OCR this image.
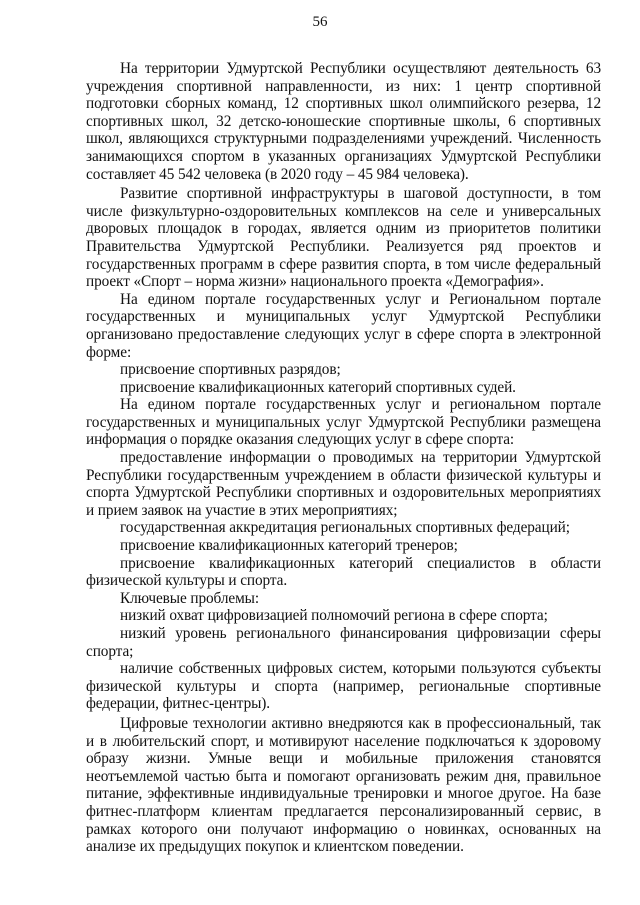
56

На территории Удмуртской Республики осуществляют деятельность 63 учреждения спортивной направленности, из них: 1 центр спортивной подготовки сборных команд, 12 спортивных школ олимпийского резерва, 12 спортивных школ, 32 детско-юношеские спортивные школы, 6 спортивных школ, являющихся структурными подразделениями учреждений. Численность занимающихся спортом в указанных организациях Удмуртской Республики составляет 45 542 человека (в 2020 году – 45 984 человека).

Развитие спортивной инфраструктуры в шаговой доступности, в том числе физкультурно-оздоровительных комплексов на селе и универсальных дворовых площадок в городах, является одним из приоритетов политики Правительства Удмуртской Республики. Реализуется ряд проектов и государственных программ в сфере развития спорта, в том числе федеральный проект «Спорт – норма жизни» национального проекта «Демография».

На едином портале государственных услуг и Региональном портале государственных и муниципальных услуг Удмуртской Республики организовано предоставление следующих услуг в сфере спорта в электронной форме:

присвоение спортивных разрядов;

присвоение квалификационных категорий спортивных судей.

На едином портале государственных услуг и региональном портале государственных и муниципальных услуг Удмуртской Республики размещена информация о порядке оказания следующих услуг в сфере спорта:

предоставление информации о проводимых на территории Удмуртской Республики государственным учреждением в области физической культуры и спорта Удмуртской Республики спортивных и оздоровительных мероприятиях и прием заявок на участие в этих мероприятиях;

государственная аккредитация региональных спортивных федераций;

присвоение квалификационных категорий тренеров;

присвоение квалификационных категорий специалистов в области физической культуры и спорта.

Ключевые проблемы:

низкий охват цифровизацией полномочий региона в сфере спорта;

низкий уровень регионального финансирования цифровизации сферы спорта;

наличие собственных цифровых систем, которыми пользуются субъекты физической культуры и спорта (например, региональные спортивные федерации, фитнес-центры).

Цифровые технологии активно внедряются как в профессиональный, так и в любительский спорт, и мотивируют население подключаться к здоровому образу жизни. Умные вещи и мобильные приложения становятся неотъемлемой частью быта и помогают организовать режим дня, правильное питание, эффективные индивидуальные тренировки и многое другое. На базе фитнес-платформ клиентам предлагается персонализированный сервис, в рамках которого они получают информацию о новинках, основанных на анализе их предыдущих покупок и клиентском поведении.
